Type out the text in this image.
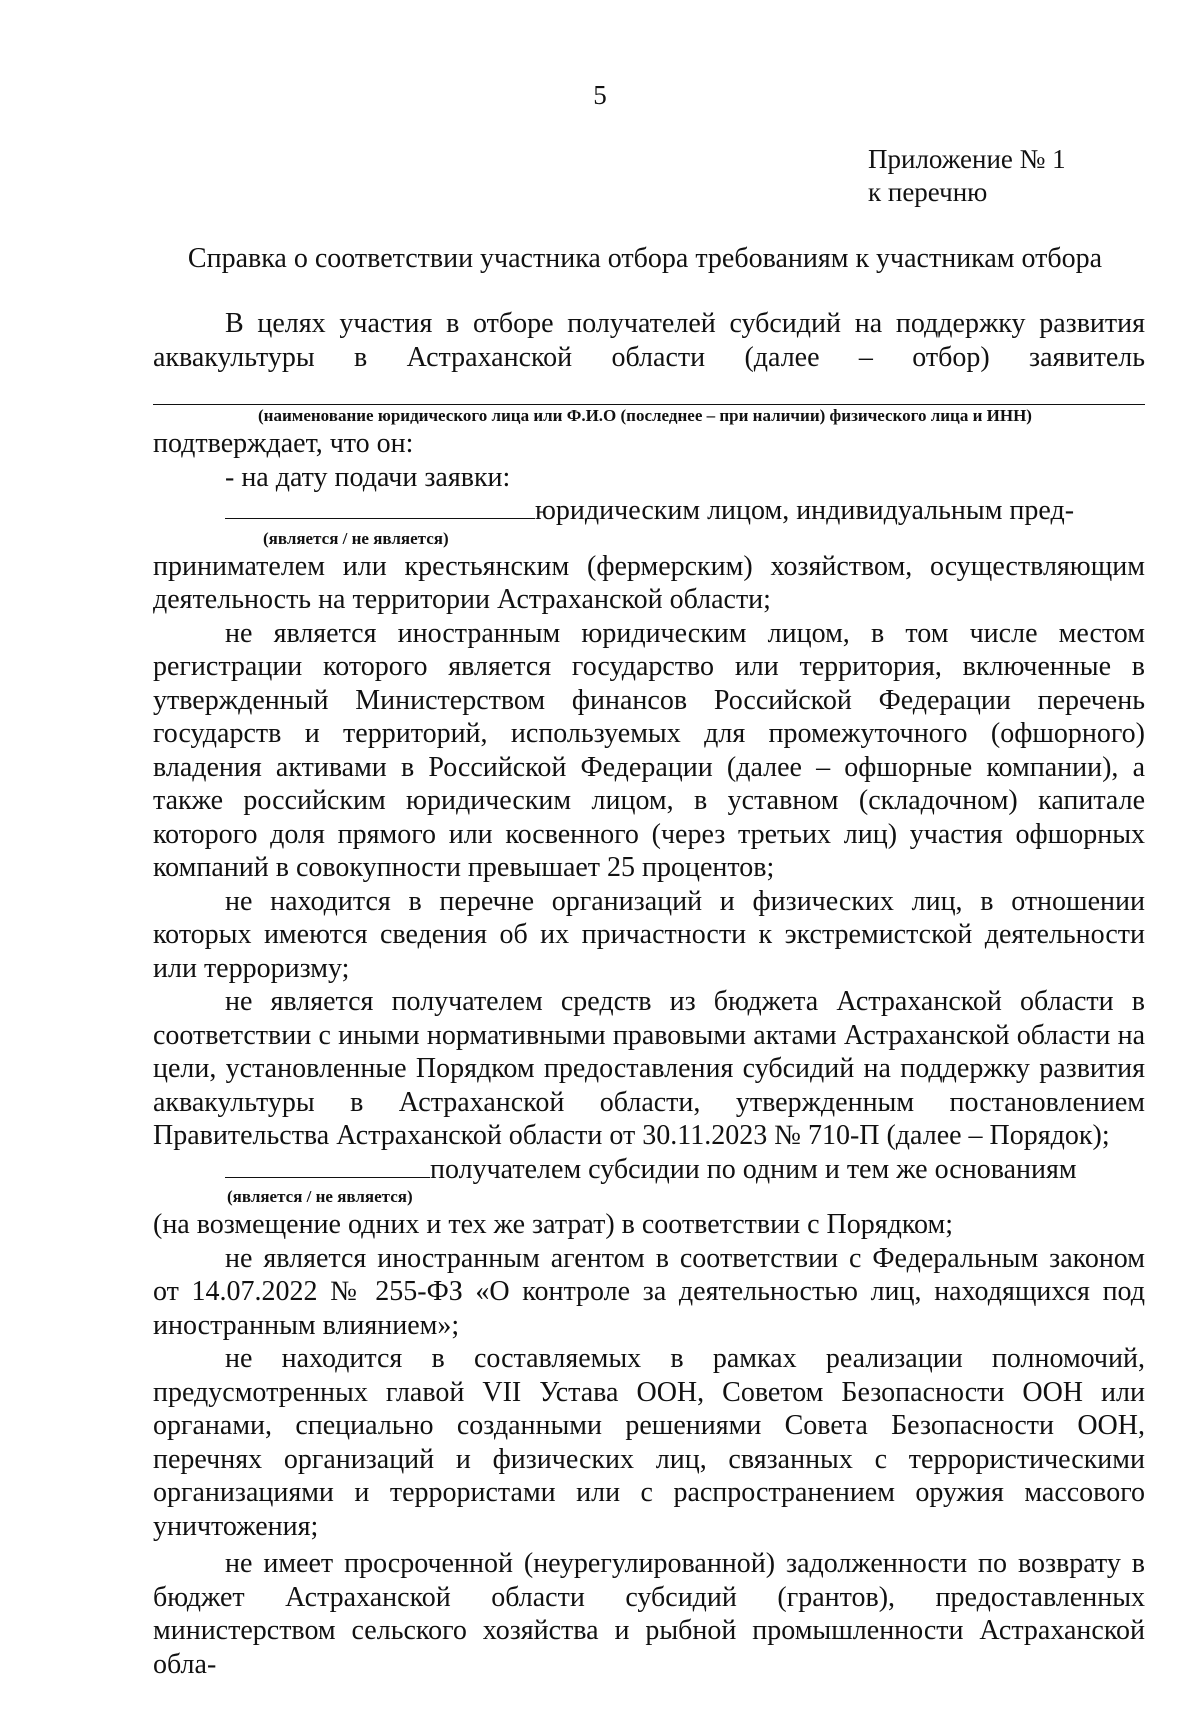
5
Приложение № 1
к перечню
Справка о соответствии участника отбора требованиям к участникам отбора

В целях участия в отборе получателей субсидий на поддержку развития

аквакультуры в Астраханской области (далее – отбор) заявитель

(наименование юридического лица или Ф.И.О (последнее – при наличии) физического лица и ИНН)

подтверждает, что он:

- на дату подачи заявки:

юридическим лицом, индивидуальным пред-

(является / не является)

принимателем или крестьянским (фермерским) хозяйством, осуществляющим деятельность на территории Астраханской области;

не является иностранным юридическим лицом, в том числе местом регистрации которого является государство или территория, включенные в утвержденный Министерством финансов Российской Федерации перечень государств и территорий, используемых для промежуточного (офшорного) владения активами в Российской Федерации (далее – офшорные компании), а также российским юридическим лицом, в уставном (складочном) капитале которого доля прямого или косвенного (через третьих лиц) участия офшорных компаний в совокупности превышает 25 процентов;

не находится в перечне организаций и физических лиц, в отношении которых имеются сведения об их причастности к экстремистской деятельности или терроризму;

не является получателем средств из бюджета Астраханской области в соответствии с иными нормативными правовыми актами Астраханской области на цели, установленные Порядком предоставления субсидий на поддержку развития аквакультуры в Астраханской области, утвержденным постановлением Правительства Астраханской области от 30.11.2023 № 710-П (далее – Порядок);

получателем субсидии по одним и тем же основаниям

(является / не является)

(на возмещение одних и тех же затрат) в соответствии с Порядком;

не является иностранным агентом в соответствии с Федеральным законом от 14.07.2022 № 255-ФЗ «О контроле за деятельностью лиц, находящихся под иностранным влиянием»;

не находится в составляемых в рамках реализации полномочий, предусмотренных главой VII Устава ООН, Советом Безопасности ООН или органами, специально созданными решениями Совета Безопасности ООН, перечнях организаций и физических лиц, связанных с террористическими организациями и террористами или с распространением оружия массового уничтожения;

не имеет просроченной (неурегулированной) задолженности по возврату в бюджет Астраханской области субсидий (грантов), предоставленных министерством сельского хозяйства и рыбной промышленности Астраханской обла-
